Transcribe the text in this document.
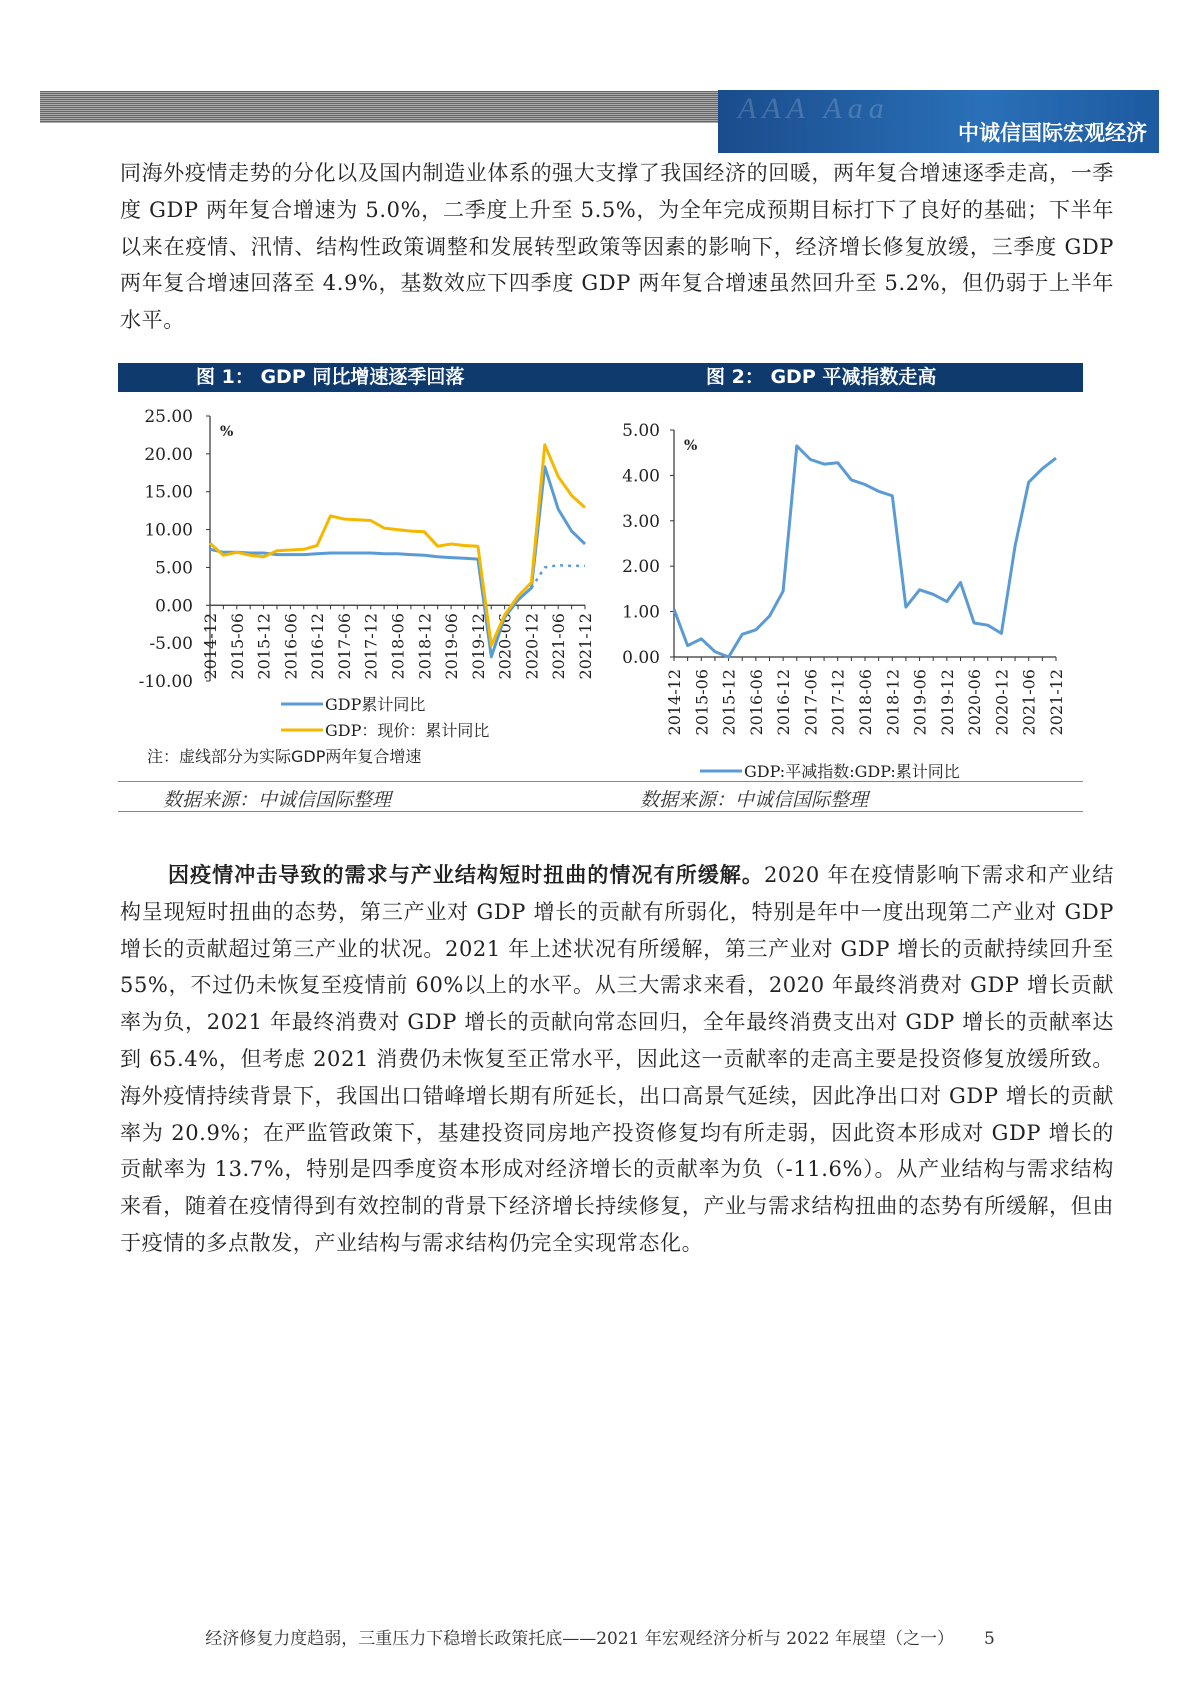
AAA Aaa
中诚信国际宏观经济

同海外疫情走势的分化以及国内制造业体系的强大支撑了我国经济的回暖，两年复合增速逐季走高，一季度 GDP 两年复合增速为 5.0%，二季度上升至 5.5%，为全年完成预期目标打下了良好的基础；下半年以来在疫情、汛情、结构性政策调整和发展转型政策等因素的影响下，经济增长修复放缓，三季度 GDP 两年复合增速回落至 4.9%，基数效应下四季度 GDP 两年复合增速虽然回升至 5.2%，但仍弱于上半年水平。

图 1： GDP 同比增速逐季回落	图 2： GDP 平减指数走高
25.00
20.00
15.00
10.00
5.00
0.00
-5.00
-10.00
%
2014-12 2015-06 2015-12 2016-06 2016-12 2017-06 2017-12 2018-06 2018-12 2019-06 2019-12 2020-06 2020-12 2021-06 2021-12
GDP累计同比
GDP：现价：累计同比
5.00
4.00
3.00
2.00
1.00
0.00
%
2014-12 2015-06 2015-12 2016-06 2016-12 2017-06 2017-12 2018-06 2018-12 2019-06 2019-12 2020-06 2020-12 2021-06 2021-12
GDP:平减指数:GDP:累计同比
注：虚线部分为实际GDP两年复合增速
数据来源：中诚信国际整理	数据来源：中诚信国际整理

因疫情冲击导致的需求与产业结构短时扭曲的情况有所缓解。2020 年在疫情影响下需求和产业结构呈现短时扭曲的态势，第三产业对 GDP 增长的贡献有所弱化，特别是年中一度出现第二产业对 GDP 增长的贡献超过第三产业的状况。2021 年上述状况有所缓解，第三产业对 GDP 增长的贡献持续回升至 55%，不过仍未恢复至疫情前 60%以上的水平。从三大需求来看，2020 年最终消费对 GDP 增长贡献率为负，2021 年最终消费对 GDP 增长的贡献向常态回归，全年最终消费支出对 GDP 增长的贡献率达到 65.4%，但考虑 2021 消费仍未恢复至正常水平，因此这一贡献率的走高主要是投资修复放缓所致。海外疫情持续背景下，我国出口错峰增长期有所延长，出口高景气延续，因此净出口对 GDP 增长的贡献率为 20.9%；在严监管政策下，基建投资同房地产投资修复均有所走弱，因此资本形成对 GDP 增长的贡献率为 13.7%，特别是四季度资本形成对经济增长的贡献率为负（-11.6%）。从产业结构与需求结构来看，随着在疫情得到有效控制的背景下经济增长持续修复，产业与需求结构扭曲的态势有所缓解，但由于疫情的多点散发，产业结构与需求结构仍完全实现常态化。

经济修复力度趋弱，三重压力下稳增长政策托底——2021 年宏观经济分析与 2022 年展望（之一） 5
